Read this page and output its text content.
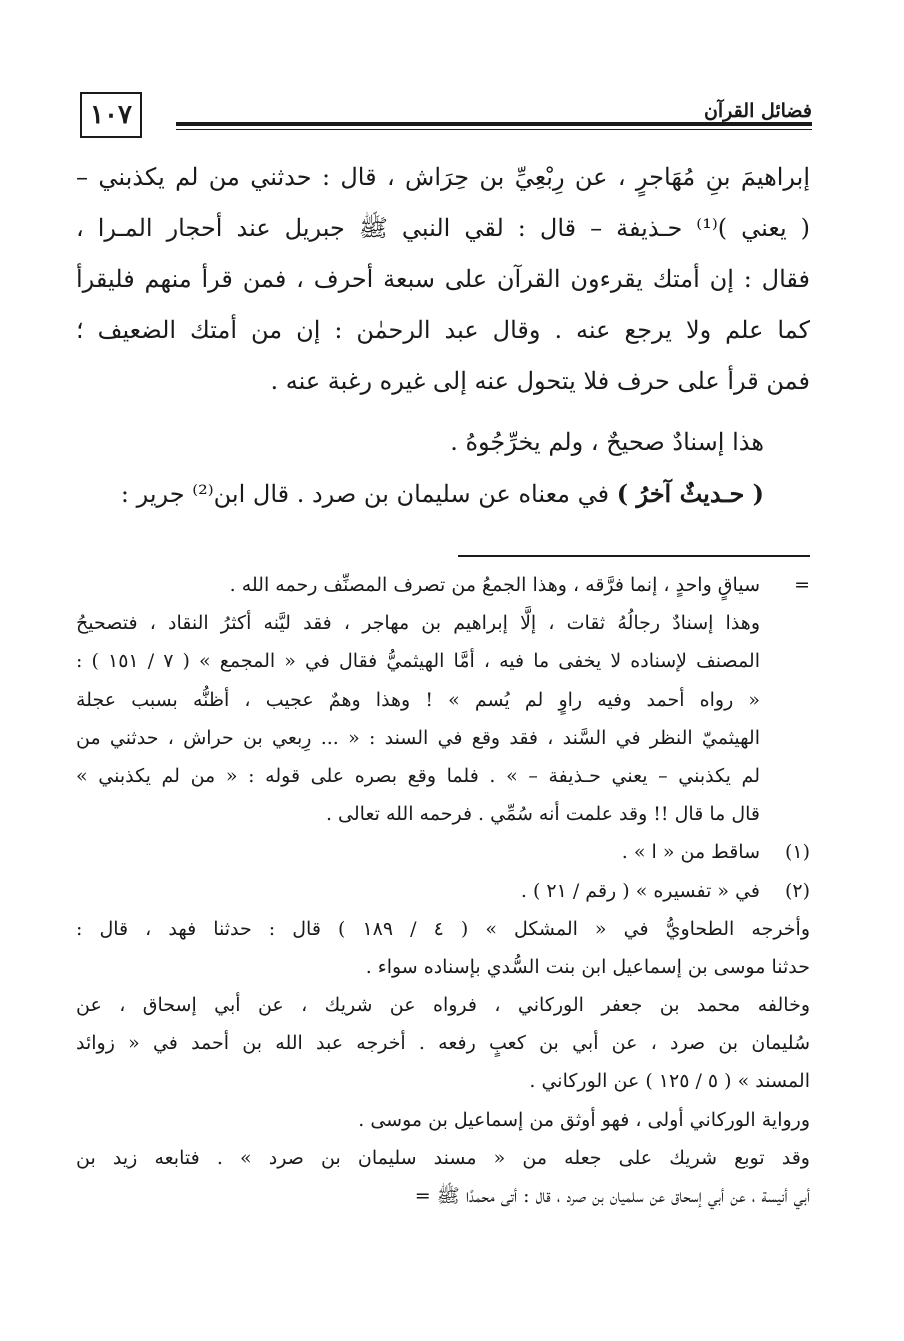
١٠٧	فضائل القرآن
إبراهيمَ بنِ مُهَاجرٍ ، عن رِبْعِيِّ بن حِرَاش ، قال : حدثني من لم يكذبني –
( يعني )⁽¹⁾ حـذيفة – قال : لقي النبي ﷺ جبريل عند أحجار المـرا ،
فقال : إن أمتك يقرءون القرآن على سبعة أحرف ، فمن قرأ منهم فليقرأ
كما علم ولا يرجع عنه . وقال عبد الرحمٰن : إن من أمتك الضعيف ؛
فمن قرأ على حرف فلا يتحول عنه إلى غيره رغبة عنه .
هذا إسنادٌ صحيحٌ ، ولم يخرِّجُوهُ .
( حـديثٌ آخرُ ) في معناه عن سليمان بن صرد . قال ابن⁽²⁾ جرير :
=
سياقٍ واحدٍ ، إنما فرَّقه ، وهذا الجمعُ من تصرف المصنِّف رحمه الله .
وهذا إسنادٌ رجالُهُ ثقات ، إلَّا إبراهيم بن مهاجر ، فقد ليَّنه أكثرُ النقاد ، فتصحيحُ
المصنف لإسناده لا يخفى ما فيه ، أمَّا الهيثميُّ فقال في « المجمع » ( ٧ / ١٥١ ) :
« رواه أحمد وفيه راوٍ لم يُسم » ! وهذا وهمٌ عجيب ، أظنُّه بسبب عجلة
الهيثميّ النظر في السَّند ، فقد وقع في السند : « ... رِبعي بن حراش ، حدثني من
لم يكذبني – يعني حـذيفة – » . فلما وقع بصره على قوله : « من لم يكذبني »
قال ما قال !! وقد علمت أنه سُمِّي . فرحمه الله تعالى .
(١)
ساقط من « ا » .
(٢)
في « تفسيره » ( رقم / ٢١ ) .
وأخرجه الطحاويُّ في « المشكل » ( ٤ / ١٨٩ ) قال : حدثنا فهد ، قال :
حدثنا موسى بن إسماعيل ابن بنت السُّدي بإسناده سواء .
وخالفه محمد بن جعفر الوركاني ، فرواه عن شريك ، عن أبي إسحاق ، عن
سُليمان بن صرد ، عن أبي بن كعبٍ رفعه . أخرجه عبد الله بن أحمد في « زوائد
المسند » ( ٥ / ١٢٥ ) عن الوركاني .
ورواية الوركاني أولى ، فهو أوثق من إسماعيل بن موسى .
وقد توبع شريك على جعله من « مسند سليمان بن صرد » . فتابعه زيد بن
أبي أنيسة ، عن أبي إسحاق عن سلميان بن صرد ، قال : أتى محمدًا ﷺ =
